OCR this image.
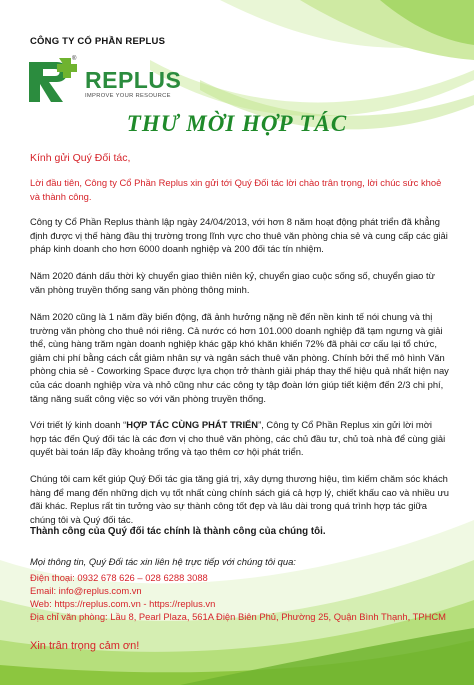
CÔNG TY CỔ PHẦN REPLUS
®
REPLUS
IMPROVE YOUR RESOURCE
THƯ MỜI HỢP TÁC
Kính gửi Quý Đối tác,
Lời đầu tiên, Công ty Cổ Phần Replus xin gửi tới Quý Đối tác lời chào trân trọng, lời chúc sức khoẻ và thành công.
Công ty Cổ Phần Replus thành lập ngày 24/04/2013, với hơn 8 năm hoạt động phát triển đã khẳng định được vị thế hàng đầu thị trường trong lĩnh vực cho thuê văn phòng chia sẻ và cung cấp các giải pháp kinh doanh cho hơn 6000 doanh nghiệp và 200 đối tác tín nhiệm.
Năm 2020 đánh dấu thời kỳ chuyển giao thiên niên kỷ, chuyển giao cuộc sống số, chuyển giao từ văn phòng truyền thống sang văn phòng thông minh.
Năm 2020 cũng là 1 năm đầy biến động, đã ảnh hưởng nặng nề đến nền kinh tế nói chung và thị trường văn phòng cho thuê nói riêng. Cả nước có hơn 101.000 doanh nghiệp đã tạm ngưng và giải thể, cùng hàng trăm ngàn doanh nghiệp khác gặp khó khăn khiến 72% đã phải cơ cấu lại tổ chức, giảm chi phí bằng cách cắt giảm nhân sự và ngân sách thuê văn phòng. Chính bởi thế mô hình Văn phòng chia sẻ - Coworking Space được lựa chọn trở thành giải pháp thay thế hiệu quả nhất hiện nay của các doanh nghiệp vừa và nhỏ cũng như các công ty tập đoàn lớn giúp tiết kiệm đến 2/3 chi phí, tăng năng suất công việc so với văn phòng truyền thống.
Với triết lý kinh doanh “HỢP TÁC CÙNG PHÁT TRIỂN”, Công ty Cổ Phần Replus xin gửi lời mời hợp tác đến Quý đối tác là các đơn vị cho thuê văn phòng, các chủ đầu tư, chủ toà nhà để cùng giải quyết bài toán lấp đầy khoảng trống và tạo thêm cơ hội phát triển.
Chúng tôi cam kết giúp Quý Đối tác gia tăng giá trị, xây dựng thương hiệu, tìm kiếm chăm sóc khách hàng để mang đến những dịch vụ tốt nhất cùng chính sách giá cả hợp lý, chiết khấu cao và nhiều ưu đãi khác. Replus rất tin tưởng vào sự thành công tốt đẹp và lâu dài trong quá trình hợp tác giữa chúng tôi và Quý đối tác.
Thành công của Quý đối tác chính là thành công của chúng tôi.
Mọi thông tin, Quý Đối tác xin liên hệ trực tiếp với chúng tôi qua:
Điện thoại: 0932 678 626 – 028 6288 3088
Email: info@replus.com.vn
Web: https://replus.com.vn - https://replus.vn
Địa chỉ văn phòng: Lầu 8, Pearl Plaza, 561A Điện Biên Phủ, Phường 25, Quận Bình Thạnh, TPHCM
Xin trân trọng cảm ơn!
